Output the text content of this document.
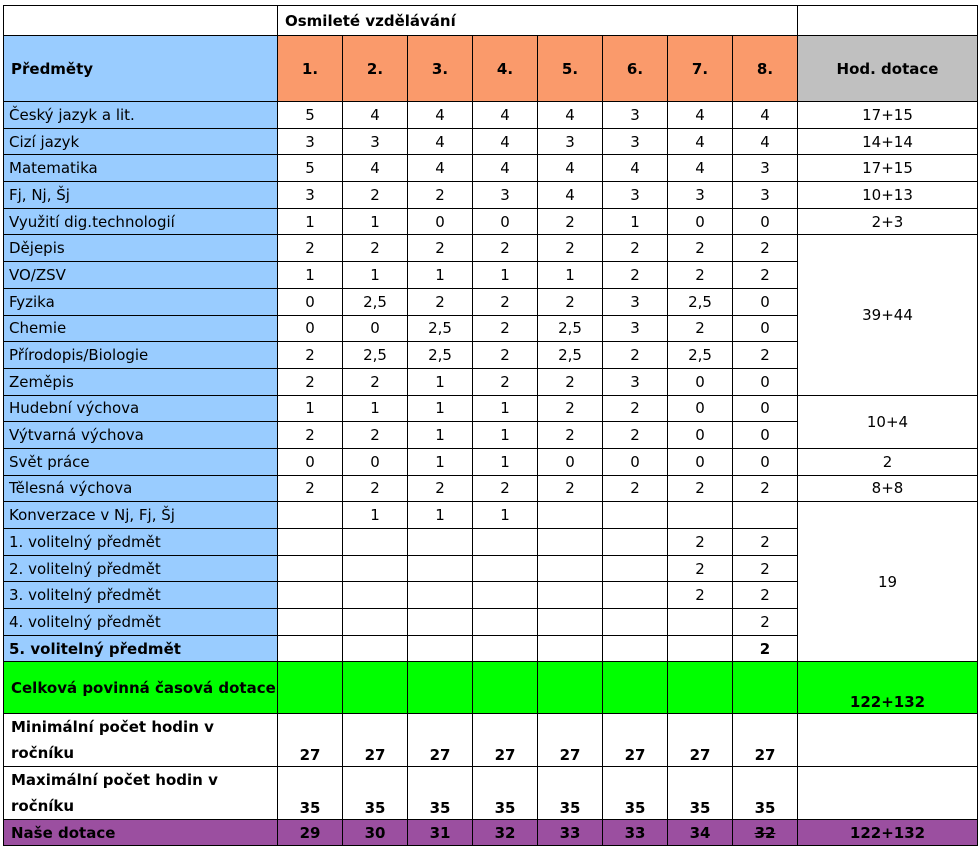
	Osmileté vzdělávání								
Předměty	1.	2.	3.	4.	5.	6.	7.	8.	Hod. dotace
Český jazyk a lit.	5	4	4	4	4	3	4	4	17+15
Cizí jazyk	3	3	4	4	3	3	4	4	14+14
Matematika	5	4	4	4	4	4	4	3	17+15
Fj, Nj, Šj	3	2	2	3	4	3	3	3	10+13
Využití dig.technologií	1	1	0	0	2	1	0	0	2+3
Dějepis	2	2	2	2	2	2	2	2	39+44
VO/ZSV	1	1	1	1	1	2	2	2	
Fyzika	0	2,5	2	2	2	3	2,5	0	
Chemie	0	0	2,5	2	2,5	3	2	0	
Přírodopis/Biologie	2	2,5	2,5	2	2,5	2	2,5	2	
Zeměpis	2	2	1	2	2	3	0	0	
Hudební výchova	1	1	1	1	2	2	0	0	10+4
Výtvarná výchova	2	2	1	1	2	2	0	0	
Svět práce	0	0	1	1	0	0	0	0	2
Tělesná výchova	2	2	2	2	2	2	2	2	8+8
Konverzace v Nj, Fj, Šj		1	1	1					19
1. volitelný předmět							2	2	
2. volitelný předmět							2	2	
3. volitelný předmět							2	2	
4. volitelný předmět								2	
5. volitelný předmět								2	
Celková povinná časová dotace									122+132
Minimální počet hodin v ročníku	27	27	27	27	27	27	27	27	
Maximální počet hodin v ročníku	35	35	35	35	35	35	35	35	
Naše dotace	29	30	31	32	33	33	34	32	122+132
